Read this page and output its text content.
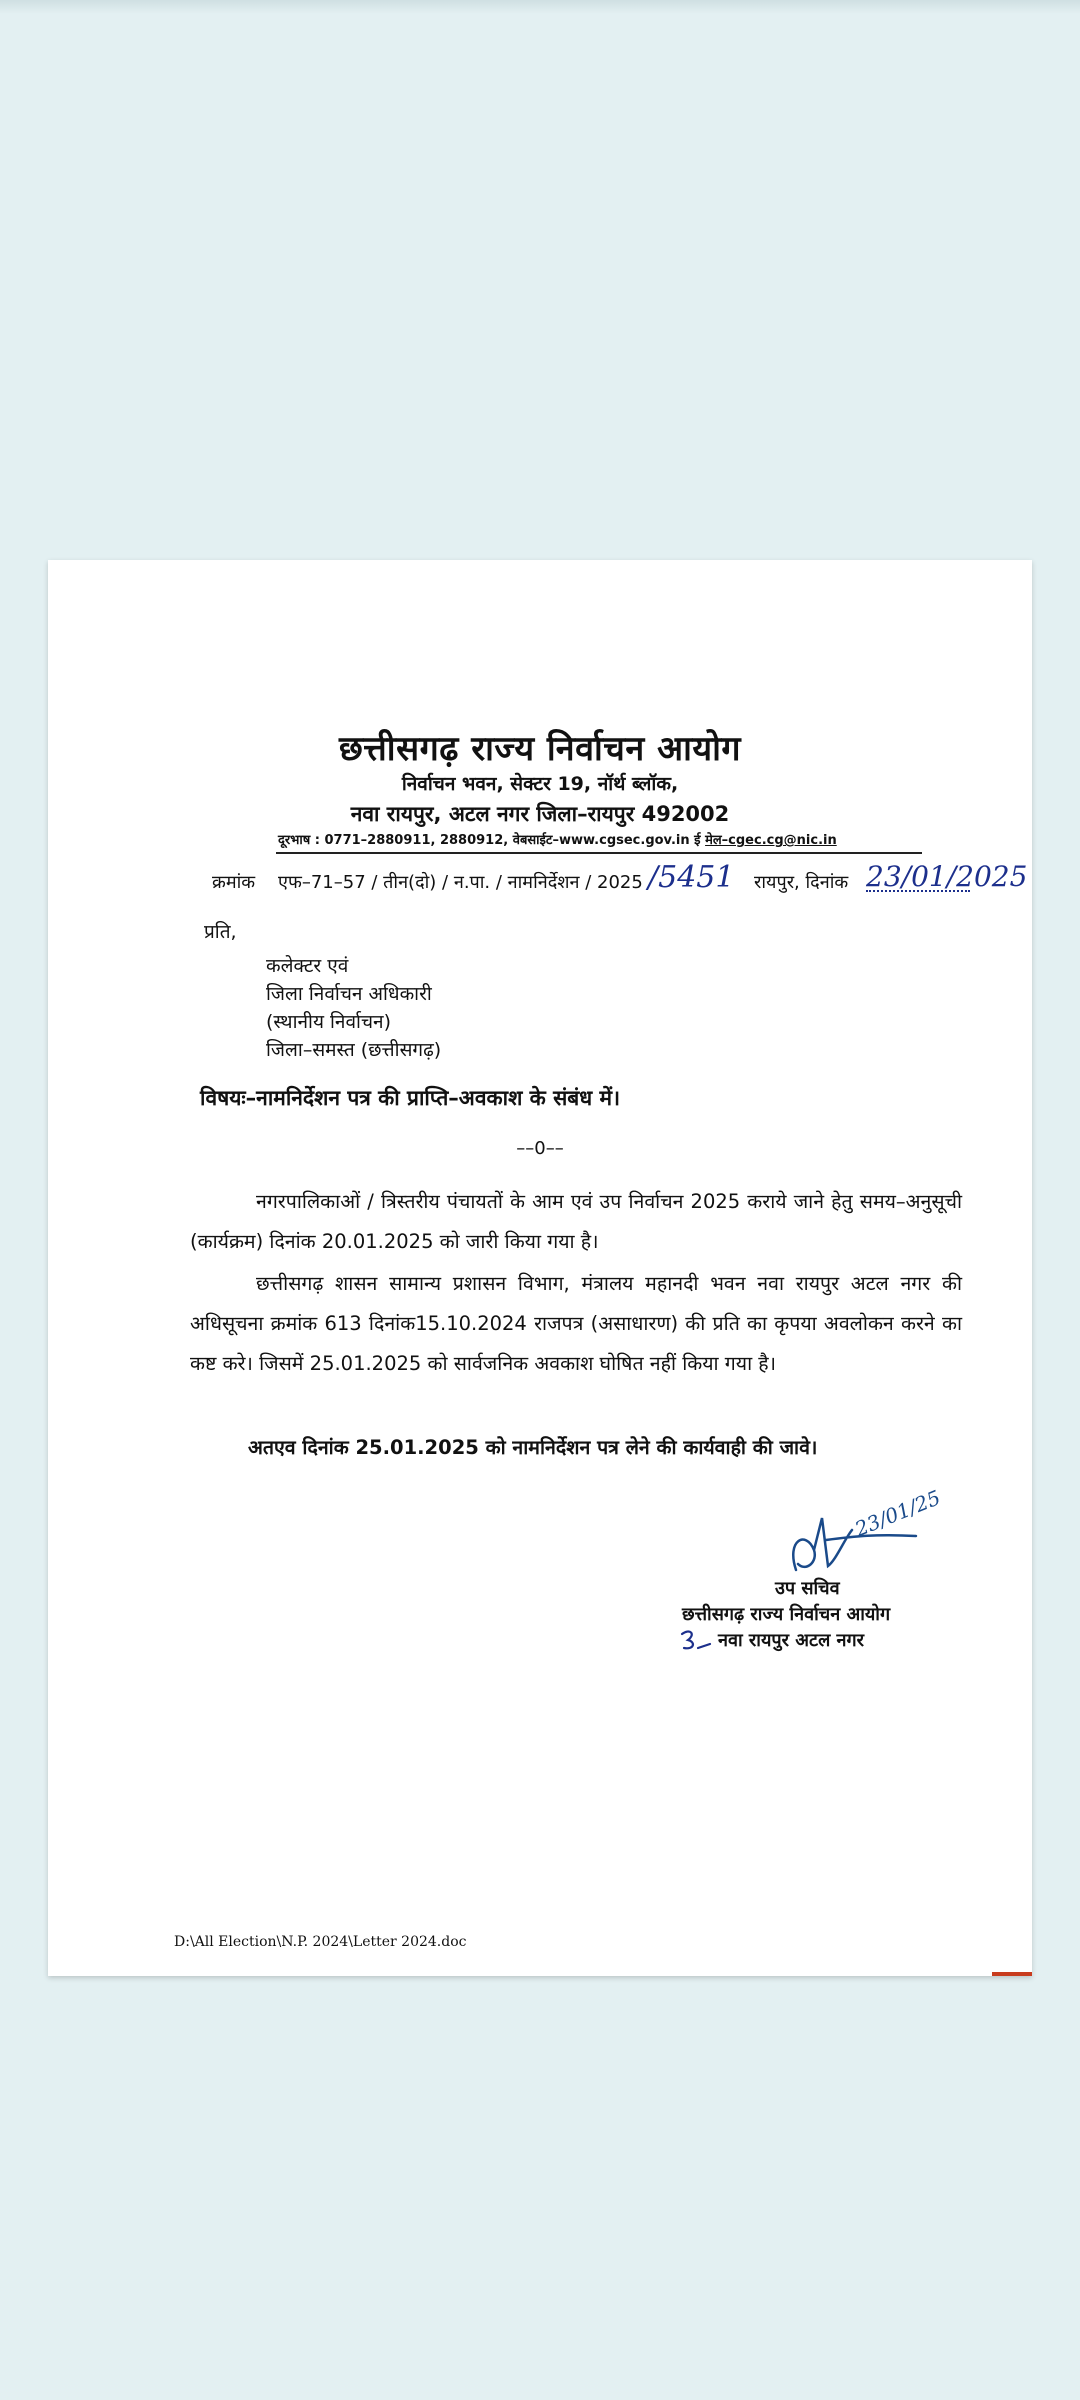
छत्तीसगढ़ राज्य निर्वाचन आयोग
निर्वाचन भवन, सेक्टर 19, नॉर्थ ब्लॉक,
नवा रायपुर, अटल नगर जिला–रायपुर 492002
दूरभाष : 0771–2880911, 2880912, वेबसाईट–www.cgsec.gov.in ई मेल–cgec.cg@nic.in
क्रमांक एफ–71–57 / तीन(दो) / न.पा. / नामनिर्देशन / 2025 /5451 रायपुर, दिनांक 23/01/2025
प्रति,
कलेक्टर एवं
जिला निर्वाचन अधिकारी
(स्थानीय निर्वाचन)
जिला–समस्त (छत्तीसगढ़)
विषयः–नामनिर्देशन पत्र की प्राप्ति–अवकाश के संबंध में।
––0––
नगरपालिकाओं / त्रिस्तरीय पंचायतों के आम एवं उप निर्वाचन 2025 कराये जाने हेतु समय–अनुसूची (कार्यक्रम) दिनांक 20.01.2025 को जारी किया गया है।
छत्तीसगढ़ शासन सामान्य प्रशासन विभाग, मंत्रालय महानदी भवन नवा रायपुर अटल नगर की अधिसूचना क्रमांक 613 दिनांक15.10.2024 राजपत्र (असाधारण) की प्रति का कृपया अवलोकन करने का कष्ट करे। जिसमें 25.01.2025 को सार्वजनिक अवकाश घोषित नहीं किया गया है।
अतएव दिनांक 25.01.2025 को नामनिर्देशन पत्र लेने की कार्यवाही की जावे।
23/01/25
उप सचिव
छत्तीसगढ़ राज्य निर्वाचन आयोग
नवा रायपुर अटल नगर
D:\All Election\N.P. 2024\Letter 2024.doc
